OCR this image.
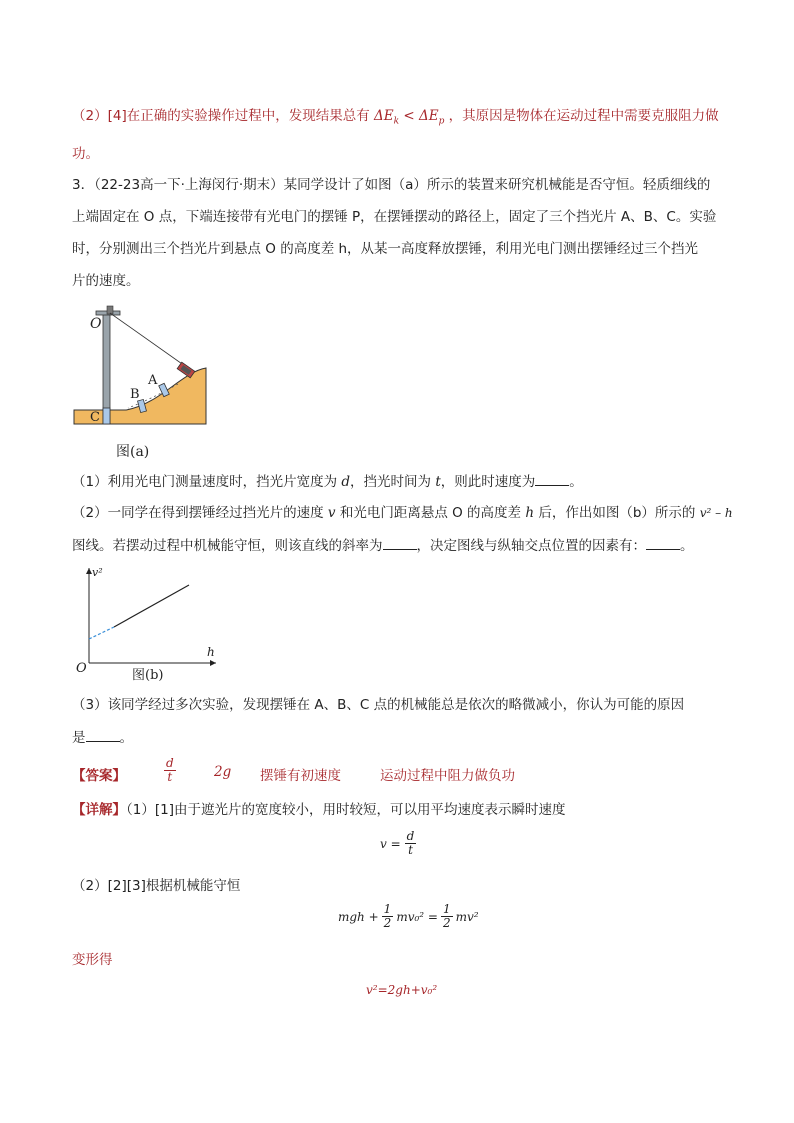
（2）[4]在正确的实验操作过程中，发现结果总有 $\Delta E_k < \Delta E_p$ ，其原因是物体在运动过程中需要克服阻力做
功。
3．（22-23高一下·上海闵行·期末）某同学设计了如图（a）所示的装置来研究机械能是否守恒。轻质细线的
上端固定在 O 点，下端连接带有光电门的摆锤 P，在摆锤摆动的路径上，固定了三个挡光片 A、B、C。实验
时，分别测出三个挡光片到悬点 O 的高度差 h，从某一高度释放摆锤，利用光电门测出摆锤经过三个挡光
片的速度。
O
A
B
C
图(a)
（1）利用光电门测量速度时，挡光片宽度为 d，挡光时间为 t，则此时速度为	。
（2）一同学在得到摆锤经过挡光片的速度 v 和光电门距离悬点 O 的高度差 h 后，作出如图（b）所示的 v² – h
图线。若摆动过程中机械能守恒，则该直线的斜率为	，决定图线与纵轴交点位置的因素有：	。
v²
h
O	图(b)
（3）该同学经过多次实验，发现摆锤在 A、B、C 点的机械能总是依次的略微减小，你认为可能的原因
是	。
【答案】	$\frac{d}{t}$	2g 摆锤有初速度	运动过程中阻力做负功
【详解】（1）[1]由于遮光片的宽度较小，用时较短，可以用平均速度表示瞬时速度
$v = \frac{d}{t}$
（2）[2][3]根据机械能守恒
mgh + $\frac{1}{2} mv_0^2 = \frac{1}{2} mv^2$
变形得
v²=2gh+v₀²
